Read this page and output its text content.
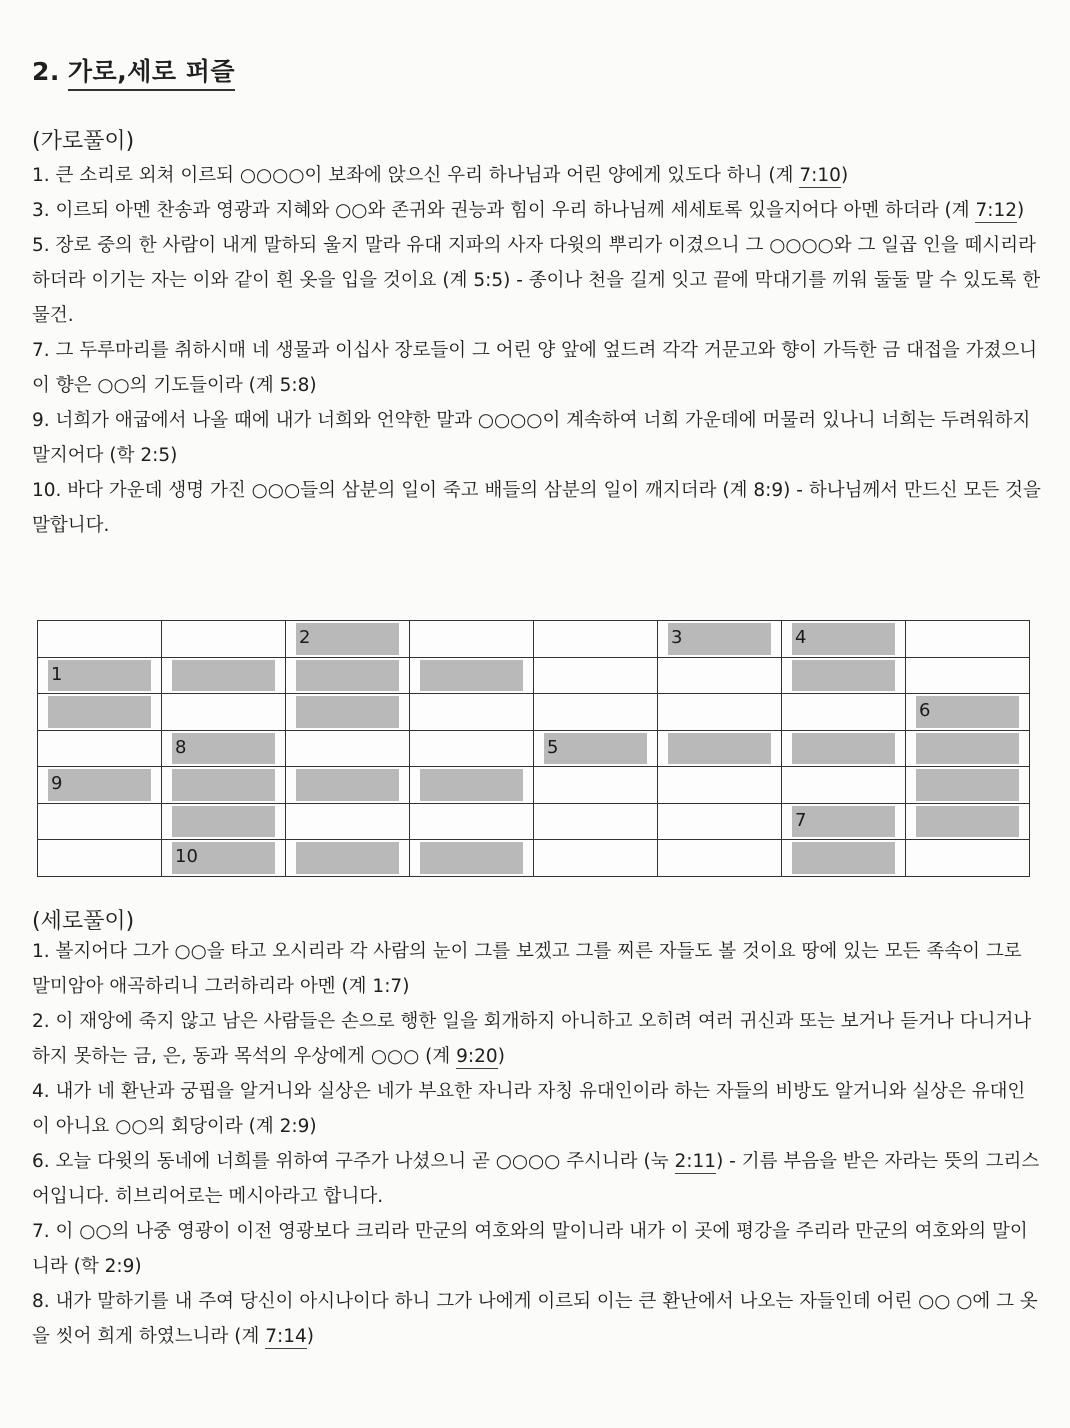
2. 가로,세로 퍼즐
(가로풀이)

1. 큰 소리로 외쳐 이르되 ○○○○이 보좌에 앉으신 우리 하나님과 어린 양에게 있도다 하니 (계 7:10)

3. 이르되 아멘 찬송과 영광과 지혜와 ○○와 존귀와 권능과 힘이 우리 하나님께 세세토록 있을지어다 아멘 하더라 (계 7:12)

5. 장로 중의 한 사람이 내게 말하되 울지 말라 유대 지파의 사자 다윗의 뿌리가 이겼으니 그 ○○○○와 그 일곱 인을 떼시리라 하더라 이기는 자는 이와 같이 흰 옷을 입을 것이요 (계 5:5) - 종이나 천을 길게 잇고 끝에 막대기를 끼워 둘둘 말 수 있도록 한 물건.

7. 그 두루마리를 취하시매 네 생물과 이십사 장로들이 그 어린 양 앞에 엎드려 각각 거문고와 향이 가득한 금 대접을 가졌으니 이 향은 ○○의 기도들이라 (계 5:8)

9. 너희가 애굽에서 나올 때에 내가 너희와 언약한 말과 ○○○○이 계속하여 너희 가운데에 머물러 있나니 너희는 두려워하지 말지어다 (학 2:5)

10. 바다 가운데 생명 가진 ○○○들의 삼분의 일이 죽고 배들의 삼분의 일이 깨지더라 (계 8:9) - 하나님께서 만드신 모든 것을 말합니다.

		2			3	4	

1							

							6

	8			5			

9							

						7	

	10						

(세로풀이)

1. 볼지어다 그가 ○○을 타고 오시리라 각 사람의 눈이 그를 보겠고 그를 찌른 자들도 볼 것이요 땅에 있는 모든 족속이 그로 말미암아 애곡하리니 그러하리라 아멘 (계 1:7)

2. 이 재앙에 죽지 않고 남은 사람들은 손으로 행한 일을 회개하지 아니하고 오히려 여러 귀신과 또는 보거나 듣거나 다니거나 하지 못하는 금, 은, 동과 목석의 우상에게 ○○○ (계 9:20)

4. 내가 네 환난과 궁핍을 알거니와 실상은 네가 부요한 자니라 자칭 유대인이라 하는 자들의 비방도 알거니와 실상은 유대인이 아니요 ○○의 회당이라 (계 2:9)

6. 오늘 다윗의 동네에 너희를 위하여 구주가 나셨으니 곧 ○○○○ 주시니라 (눅 2:11) - 기름 부음을 받은 자라는 뜻의 그리스어입니다. 히브리어로는 메시아라고 합니다.

7. 이 ○○의 나중 영광이 이전 영광보다 크리라 만군의 여호와의 말이니라 내가 이 곳에 평강을 주리라 만군의 여호와의 말이니라 (학 2:9)

8. 내가 말하기를 내 주여 당신이 아시나이다 하니 그가 나에게 이르되 이는 큰 환난에서 나오는 자들인데 어린 ○○ ○에 그 옷을 씻어 희게 하였느니라 (계 7:14)
